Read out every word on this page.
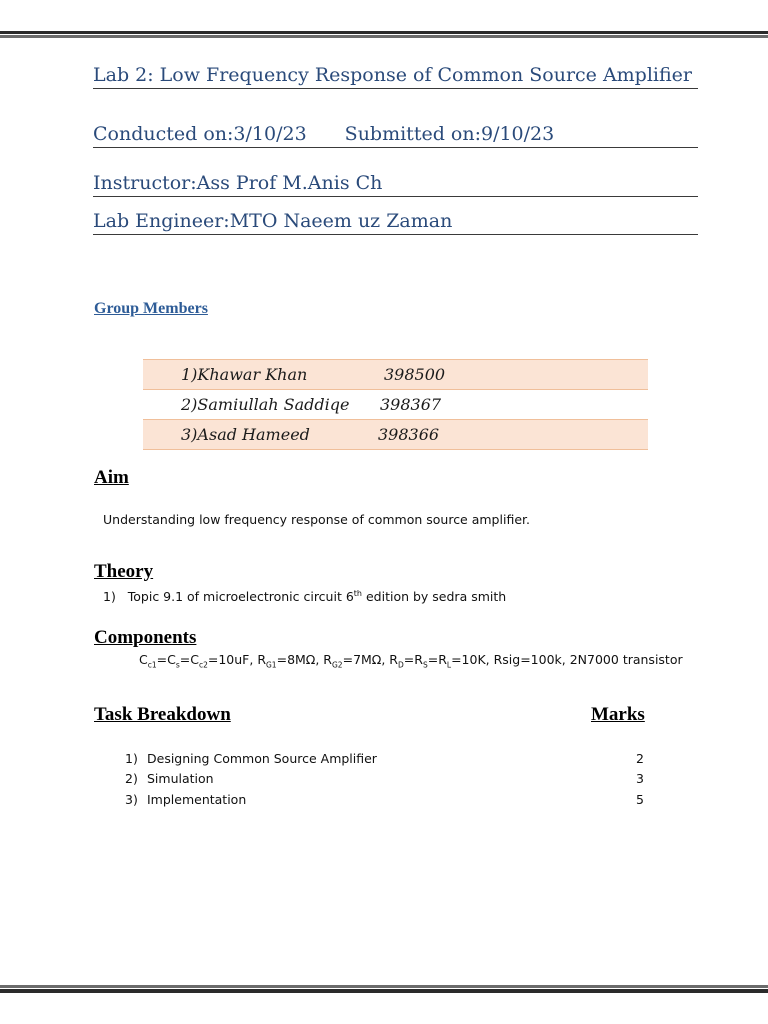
Lab 2: Low Frequency Response of Common Source Amplifier
Conducted on:3/10/23 Submitted on:9/10/23
Instructor:Ass Prof M.Anis Ch
Lab Engineer:MTO Naeem uz Zaman
Group Members
1)Khawar Khan	398500
2)Samiullah Saddiqe 398367
3)Asad Hameed	398366
Aim
Understanding low frequency response of common source amplifier.
Theory
1) Topic 9.1 of microelectronic circuit 6th edition by sedra smith
Components
$C_{c1}=C_s=C_{c2}=10uF$, $R_{G1}=8M\Omega$, $R_{G2}=7M\Omega$, $R_D=R_S=R_L=10K$, Rsig=100k, 2N7000 transistor
Task Breakdown	Marks
1) Designing Common Source Amplifier	2
2) Simulation	3
3) Implementation	5
